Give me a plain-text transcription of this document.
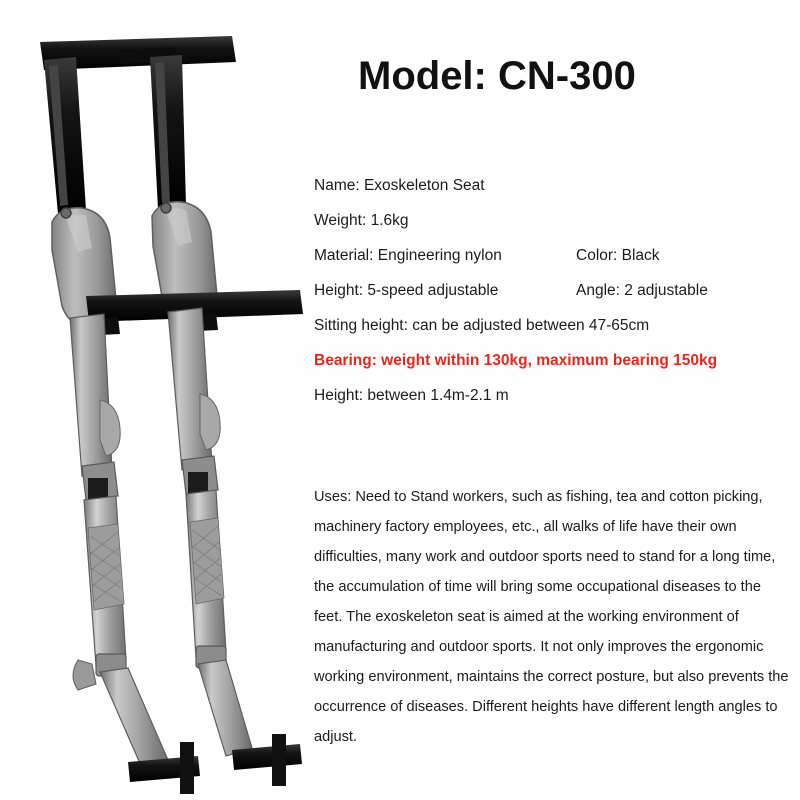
Model: CN-300
Name: Exoskeleton Seat
Weight: 1.6kg
Material: Engineering nylon	Color: Black
Height: 5-speed adjustable	Angle: 2 adjustable
Sitting height: can be adjusted between 47-65cm
Bearing: weight within 130kg, maximum bearing 150kg
Height: between 1.4m-2.1 m
Uses: Need to Stand workers, such as fishing, tea and cotton picking, machinery factory employees, etc., all walks of life have their own difficulties, many work and outdoor sports need to stand for a long time, the accumulation of time will bring some occupational diseases to the feet. The exoskeleton seat is aimed at the working environment of manufacturing and outdoor sports. It not only improves the ergonomic working environment, maintains the correct posture, but also prevents the occurrence of diseases. Different heights have different length angles to adjust.
